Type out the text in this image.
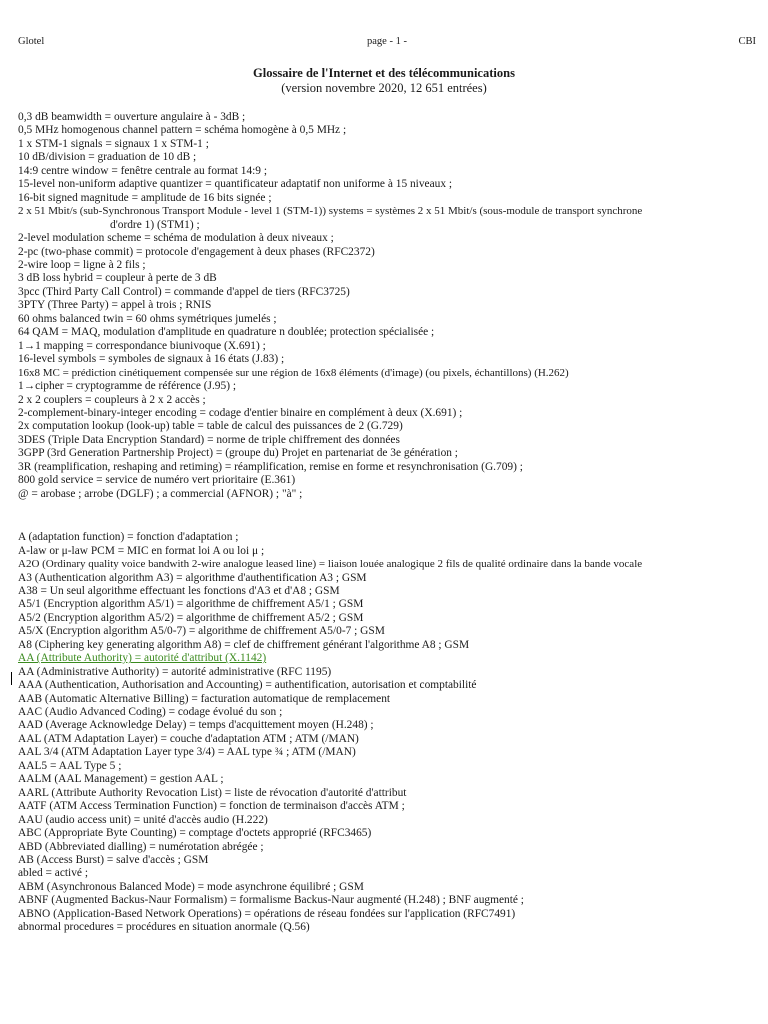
Glotel	page - 1 -	CBI
Glossaire de l'Internet et des télécommunications
(version novembre 2020, 12 651 entrées)
0,3 dB beamwidth = ouverture angulaire à - 3dB ;
0,5 MHz homogenous channel pattern = schéma homogène à 0,5 MHz ;
1 x STM-1 signals = signaux 1 x STM-1 ;
10 dB/division = graduation de 10 dB ;
14:9 centre window = fenêtre centrale au format 14:9 ;
15-level non-uniform adaptive quantizer = quantificateur adaptatif non uniforme à 15 niveaux ;
16-bit signed magnitude = amplitude de 16 bits signée ;
2 x 51 Mbit/s (sub-Synchronous Transport Module - level 1 (STM-1)) systems = systèmes 2 x 51 Mbit/s (sous-module de transport synchrone
d'ordre 1) (STM1) ;
2-level modulation scheme = schéma de modulation à deux niveaux ;
2-pc (two-phase commit) = protocole d'engagement à deux phases (RFC2372)
2-wire loop = ligne à 2 fils ;
3 dB loss hybrid = coupleur à perte de 3 dB
3pcc (Third Party Call Control) = commande d'appel de tiers (RFC3725)
3PTY (Three Party) = appel à trois ; RNIS
60 ohms balanced twin = 60 ohms symétriques jumelés ;
64 QAM = MAQ, modulation d'amplitude en quadrature n doublée; protection spécialisée ;
1→1 mapping = correspondance biunivoque (X.691) ;
16-level symbols = symboles de signaux à 16 états (J.83) ;
16x8 MC = prédiction cinétiquement compensée sur une région de 16x8 éléments (d'image) (ou pixels, échantillons) (H.262)
1→cipher = cryptogramme de référence (J.95) ;
2 x 2 couplers = coupleurs à 2 x 2 accès ;
2-complement-binary-integer encoding = codage d'entier binaire en complément à deux (X.691) ;
2x computation lookup (look-up) table = table de calcul des puissances de 2 (G.729)
3DES (Triple Data Encryption Standard) = norme de triple chiffrement des données
3GPP (3rd Generation Partnership Project) = (groupe du) Projet en partenariat de 3e génération ;
3R (reamplification, reshaping and retiming) = réamplification, remise en forme et resynchronisation (G.709) ;
800 gold service = service de numéro vert prioritaire (E.361)
@ = arobase ; arrobe (DGLF) ; a commercial (AFNOR) ; "à" ;
A (adaptation function) = fonction d'adaptation ;
A-law or μ-law PCM = MIC en format loi A ou loi μ ;
A2O (Ordinary quality voice bandwith 2-wire analogue leased line) = liaison louée analogique 2 fils de qualité ordinaire dans la bande vocale
A3 (Authentication algorithm A3) = algorithme d'authentification A3 ; GSM
A38 = Un seul algorithme effectuant les fonctions d'A3 et d'A8 ; GSM
A5/1 (Encryption algorithm A5/1) = algorithme de chiffrement A5/1 ; GSM
A5/2 (Encryption algorithm A5/2) = algorithme de chiffrement A5/2 ; GSM
A5/X (Encryption algorithm A5/0-7) = algorithme de chiffrement A5/0-7 ; GSM
A8 (Ciphering key generating algorithm A8) = clef de chiffrement générant l'algorithme A8 ; GSM
AA (Attribute Authority) = autorité d'attribut (X.1142)
AA (Administrative Authority) = autorité administrative (RFC 1195)
AAA (Authentication, Authorisation and Accounting) = authentification, autorisation et comptabilité
AAB (Automatic Alternative Billing) = facturation automatique de remplacement
AAC (Audio Advanced Coding) = codage évolué du son ;
AAD (Average Acknowledge Delay) = temps d'acquittement moyen (H.248) ;
AAL (ATM Adaptation Layer) = couche d'adaptation ATM ; ATM (/MAN)
AAL 3/4 (ATM Adaptation Layer type 3/4) = AAL type ¾ ; ATM (/MAN)
AAL5 = AAL Type 5 ;
AALM (AAL Management) = gestion AAL ;
AARL (Attribute Authority Revocation List) = liste de révocation d'autorité d'attribut
AATF (ATM Access Termination Function) = fonction de terminaison d'accès ATM ;
AAU (audio access unit) = unité d'accès audio (H.222)
ABC (Appropriate Byte Counting) = comptage d'octets approprié (RFC3465)
ABD (Abbreviated dialling) = numérotation abrégée ;
AB (Access Burst) = salve d'accès ; GSM
abled = activé ;
ABM (Asynchronous Balanced Mode) = mode asynchrone équilibré ; GSM
ABNF (Augmented Backus-Naur Formalism) = formalisme Backus-Naur augmenté (H.248) ; BNF augmenté ;
ABNO (Application-Based Network Operations) = opérations de réseau fondées sur l'application (RFC7491)
abnormal procedures = procédures en situation anormale (Q.56)
